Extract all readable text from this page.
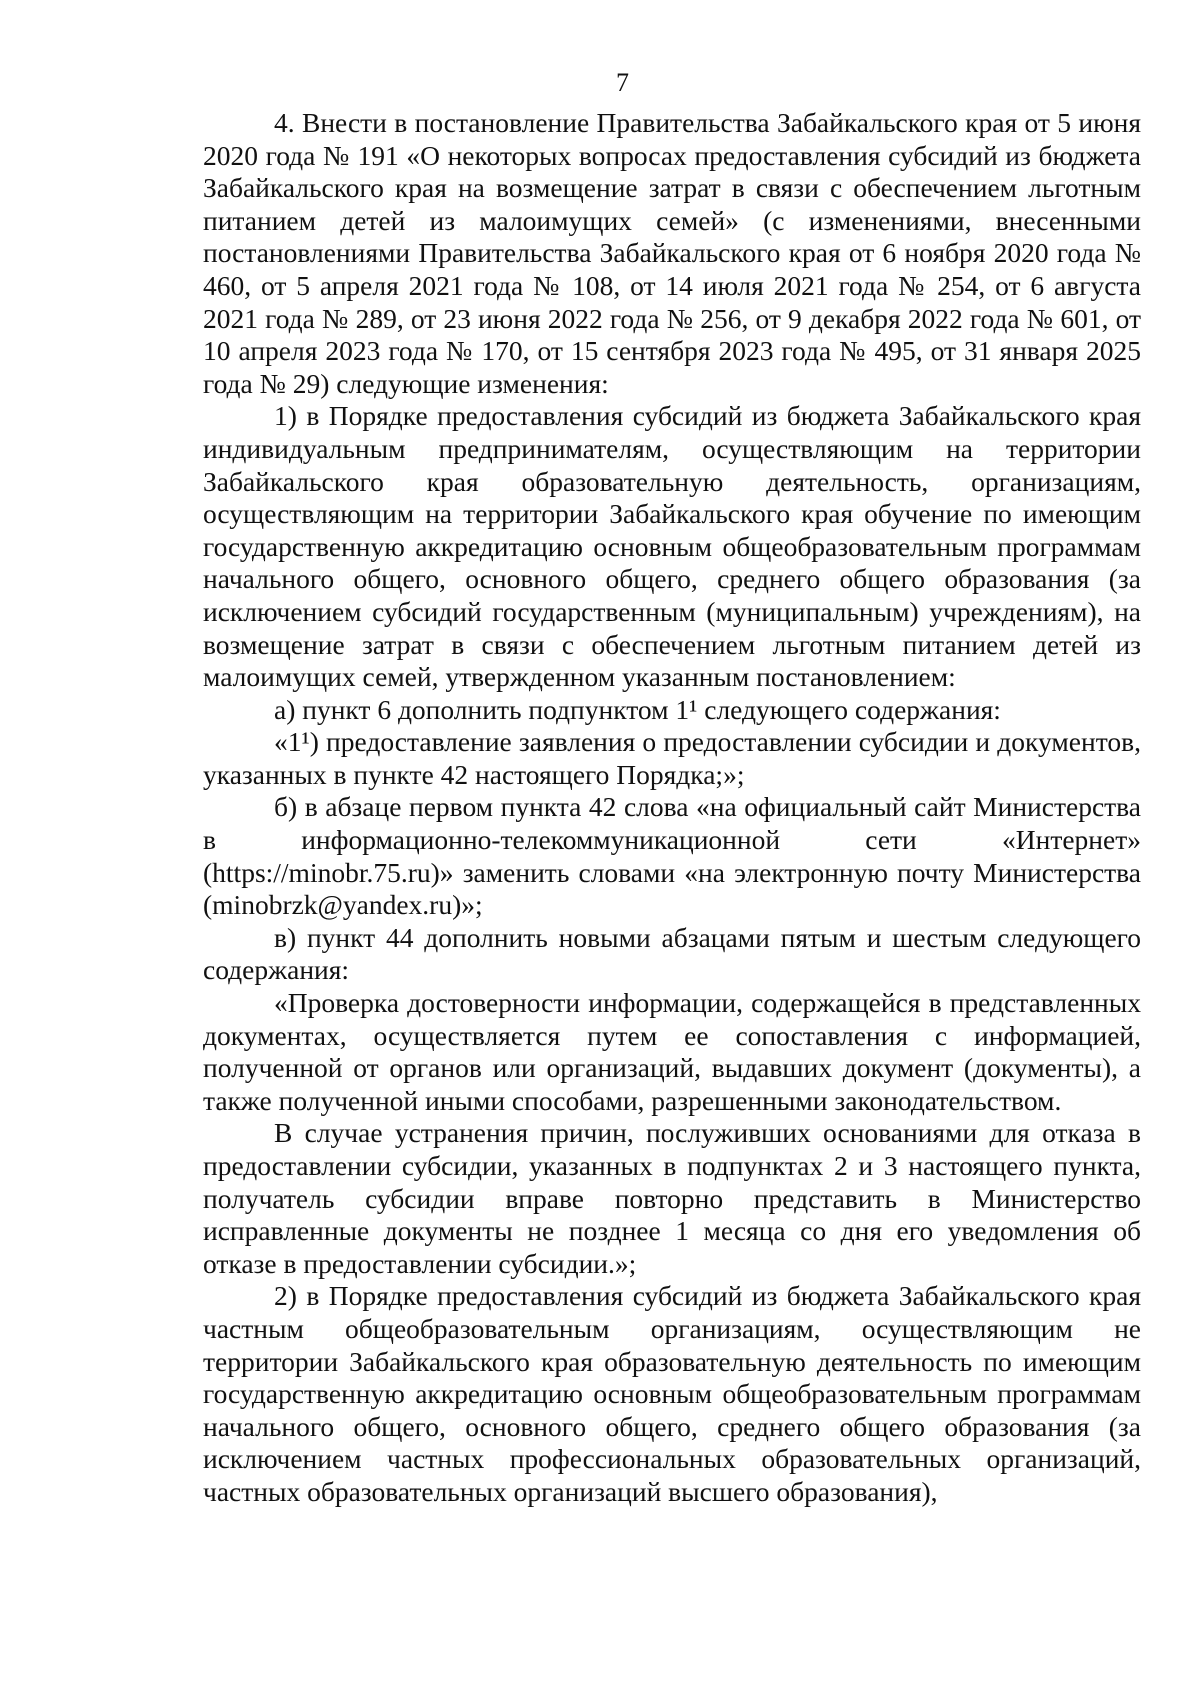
7

4. Внести в постановление Правительства Забайкальского края от 5 июня 2020 года № 191 «О некоторых вопросах предоставления субсидий из бюджета Забайкальского края на возмещение затрат в связи с обеспечением льготным питанием детей из малоимущих семей» (с изменениями, внесенными постановлениями Правительства Забайкальского края от 6 ноября 2020 года № 460, от 5 апреля 2021 года № 108, от 14 июля 2021 года № 254, от 6 августа 2021 года № 289, от 23 июня 2022 года № 256, от 9 декабря 2022 года № 601, от 10 апреля 2023 года № 170, от 15 сентября 2023 года № 495, от 31 января 2025 года № 29) следующие изменения:

1) в Порядке предоставления субсидий из бюджета Забайкальского края индивидуальным предпринимателям, осуществляющим на территории Забайкальского края образовательную деятельность, организациям, осуществляющим на территории Забайкальского края обучение по имеющим государственную аккредитацию основным общеобразовательным программам начального общего, основного общего, среднего общего образования (за исключением субсидий государственным (муниципальным) учреждениям), на возмещение затрат в связи с обеспечением льготным питанием детей из малоимущих семей, утвержденном указанным постановлением:

а) пункт 6 дополнить подпунктом 1¹ следующего содержания:

«1¹) предоставление заявления о предоставлении субсидии и документов, указанных в пункте 42 настоящего Порядка;»;

б) в абзаце первом пункта 42 слова «на официальный сайт Министерства в информационно-телекоммуникационной сети «Интернет» (https://minobr.75.ru)» заменить словами «на электронную почту Министерства (minobrzk@yandex.ru)»;

в) пункт 44 дополнить новыми абзацами пятым и шестым следующего содержания:

«Проверка достоверности информации, содержащейся в представленных документах, осуществляется путем ее сопоставления с информацией, полученной от органов или организаций, выдавших документ (документы), а также полученной иными способами, разрешенными законодательством.

В случае устранения причин, послуживших основаниями для отказа в предоставлении субсидии, указанных в подпунктах 2 и 3 настоящего пункта, получатель субсидии вправе повторно представить в Министерство исправленные документы не позднее 1 месяца со дня его уведомления об отказе в предоставлении субсидии.»;

2) в Порядке предоставления субсидий из бюджета Забайкальского края частным общеобразовательным организациям, осуществляющим не территории Забайкальского края образовательную деятельность по имеющим государственную аккредитацию основным общеобразовательным программам начального общего, основного общего, среднего общего образования (за исключением частных профессиональных образовательных организаций, частных образовательных организаций высшего образования),
